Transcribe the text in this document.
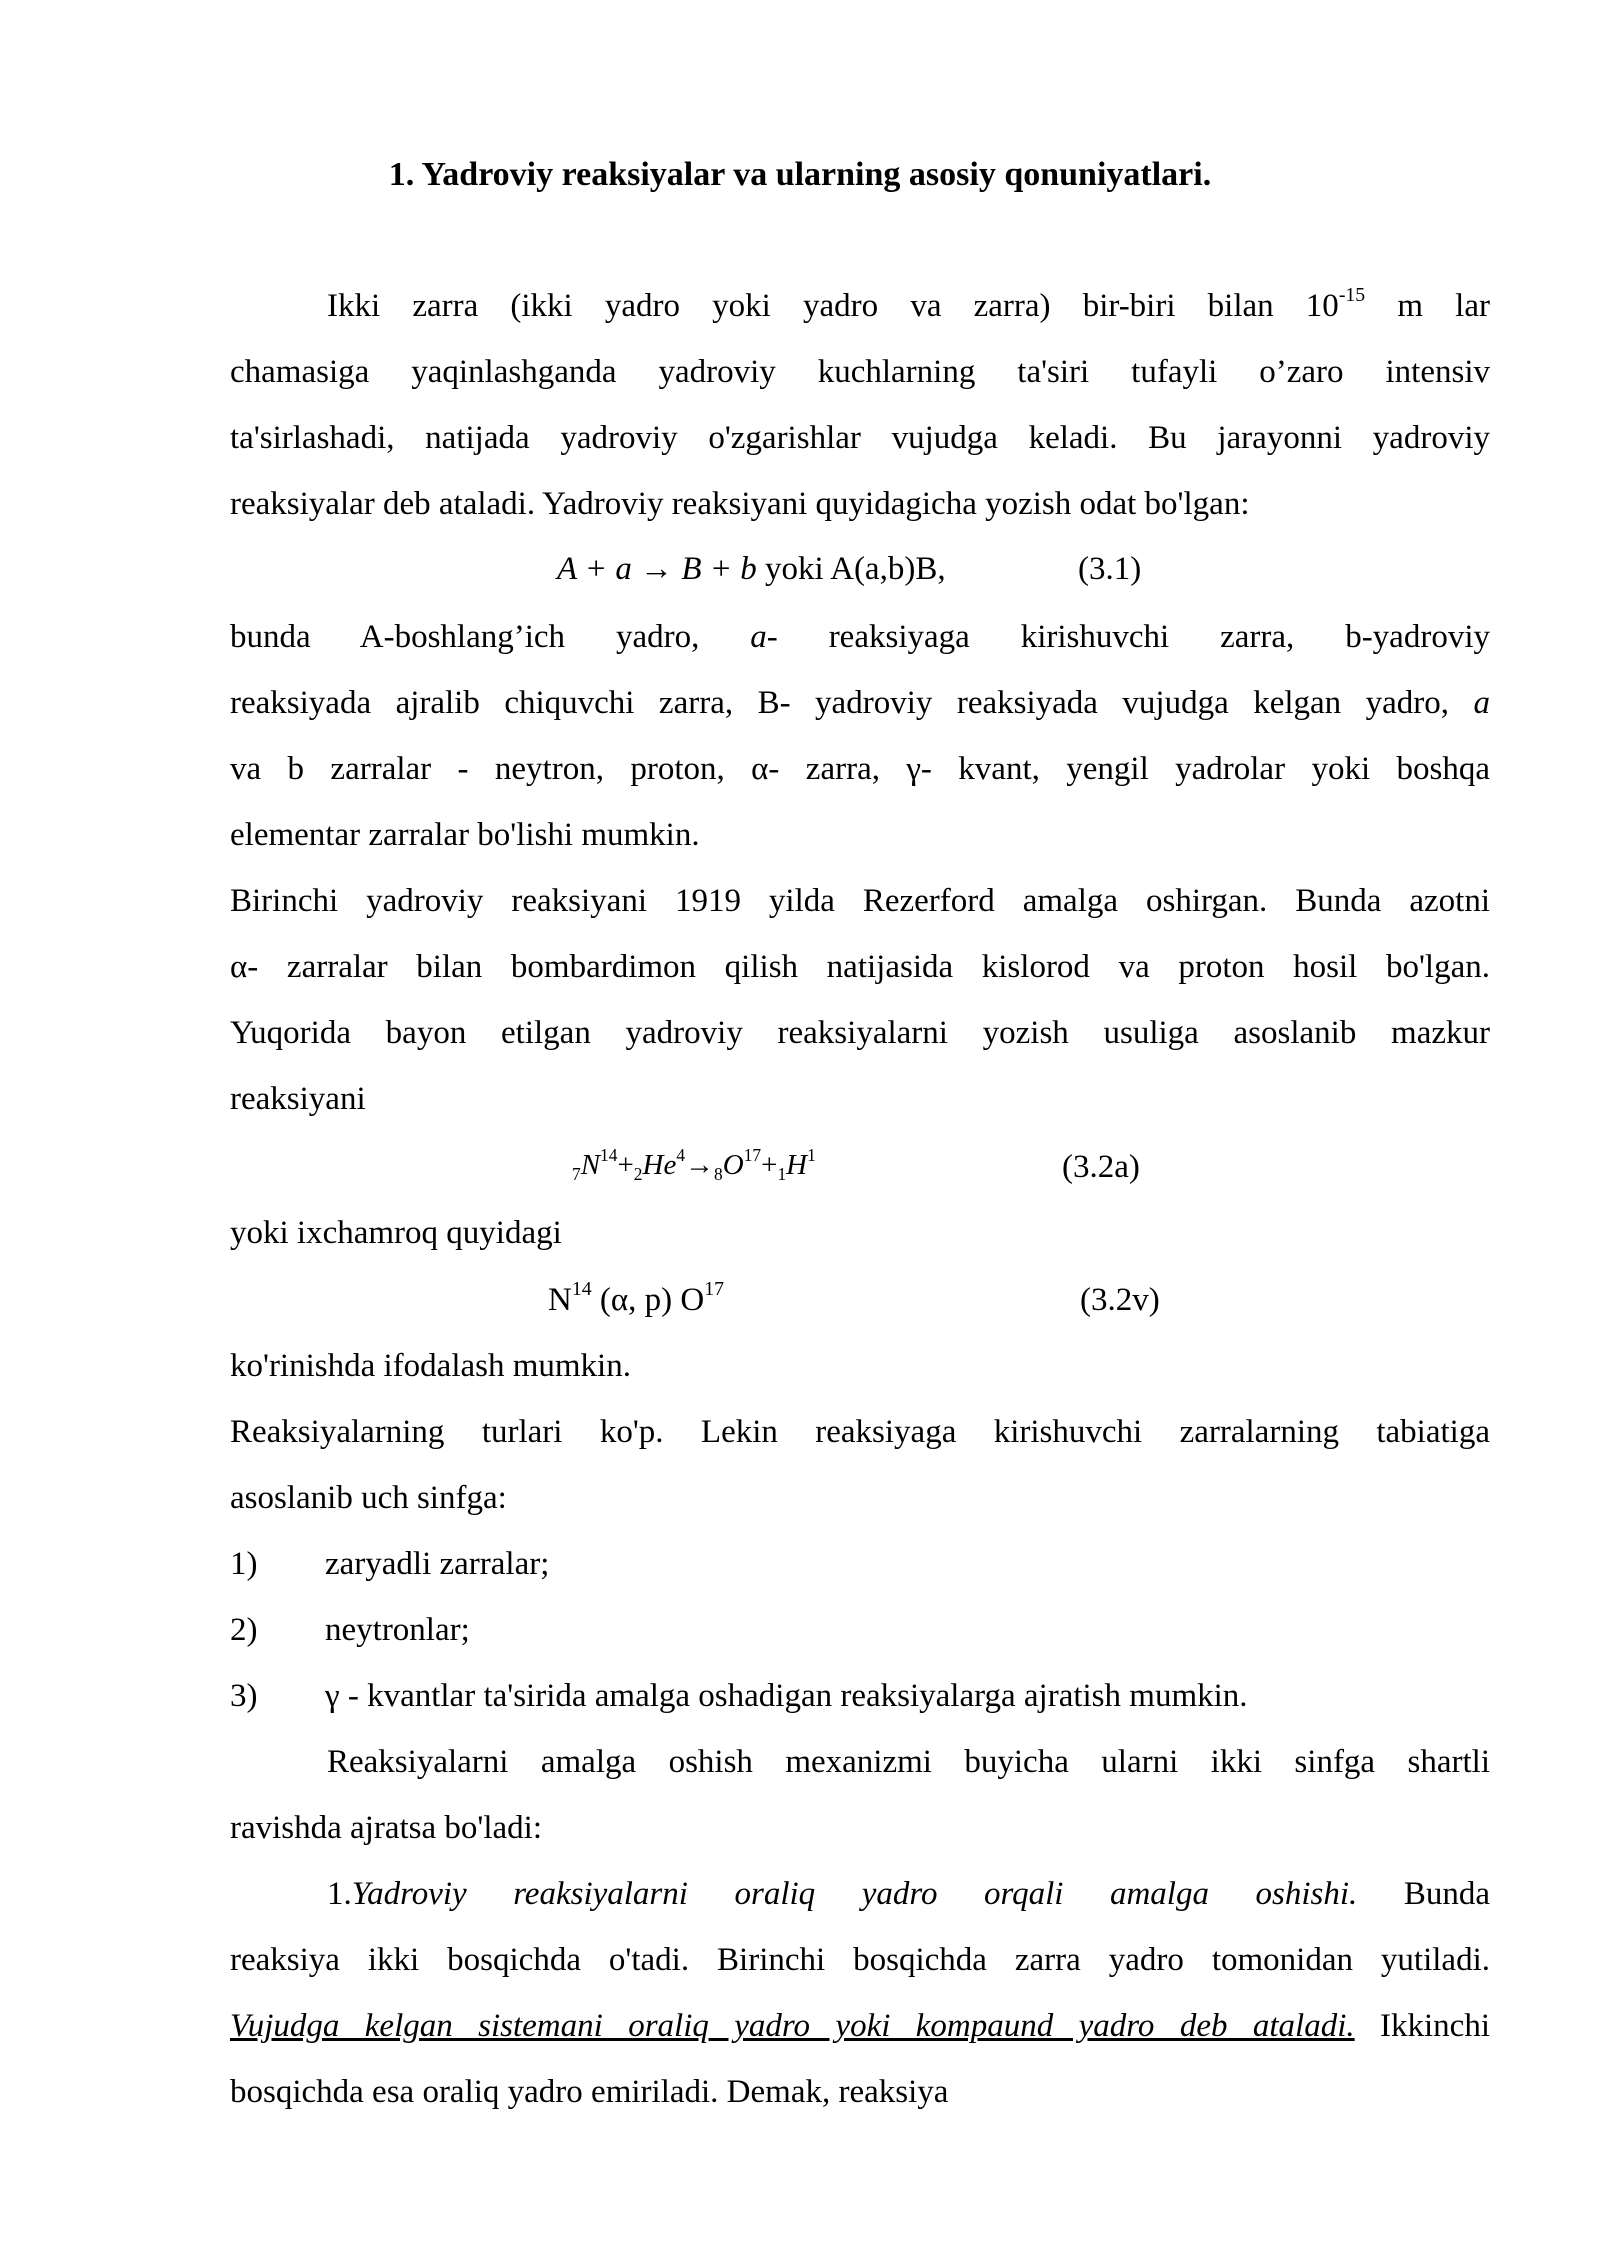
1. Yadroviy reaksiyalar va ularning asosiy qonuniyatlari.
Ikki zarra (ikki yadro yoki yadro va zarra) bir-biri bilan $10^{-15}$ m lar
chamasiga yaqinlashganda yadroviy kuchlarning ta'siri tufayli o’zaro intensiv
ta'sirlashadi, natijada yadroviy o'zgarishlar vujudga keladi. Bu jarayonni yadroviy
reaksiyalar deb ataladi. Yadroviy reaksiyani quyidagicha yozish odat bo'lgan:
A + a → B + b yoki A(a,b)B,	(3.1)
bunda A-boshlang’ich yadro, a- reaksiyaga kirishuvchi zarra, b-yadroviy
reaksiyada ajralib chiquvchi zarra, B- yadroviy reaksiyada vujudga kelgan yadro, a
va b zarralar - neytron, proton, α- zarra, γ- kvant, yengil yadrolar yoki boshqa
elementar zarralar bo'lishi mumkin.
Birinchi yadroviy reaksiyani 1919 yilda Rezerford amalga oshirgan. Bunda azotni
α- zarralar bilan bombardimon qilish natijasida kislorod va proton hosil bo'lgan.
Yuqorida bayon etilgan yadroviy reaksiyalarni yozish usuliga asoslanib mazkur
reaksiyani
$_7N^{14}+_2He^4\to_8O^{17}+_1H^1$	(3.2a)
yoki ixchamroq quyidagi
$N^{14}$ (α, p) $O^{17}$	(3.2v)
ko'rinishda ifodalash mumkin.
Reaksiyalarning turlari ko'p. Lekin reaksiyaga kirishuvchi zarralarning tabiatiga
asoslanib uch sinfga:
1) zaryadli zarralar;
2) neytronlar;
3) γ - kvantlar ta'sirida amalga oshadigan reaksiyalarga ajratish mumkin.
Reaksiyalarni amalga oshish mexanizmi buyicha ularni ikki sinfga shartli
ravishda ajratsa bo'ladi:
1.Yadroviy reaksiyalarni oraliq yadro orqali amalga oshishi. Bunda
reaksiya ikki bosqichda o'tadi. Birinchi bosqichda zarra yadro tomonidan yutiladi.
Vujudga kelgan sistemani oraliq yadro yoki kompaund yadro deb ataladi. Ikkinchi
bosqichda esa oraliq yadro emiriladi. Demak, reaksiya
